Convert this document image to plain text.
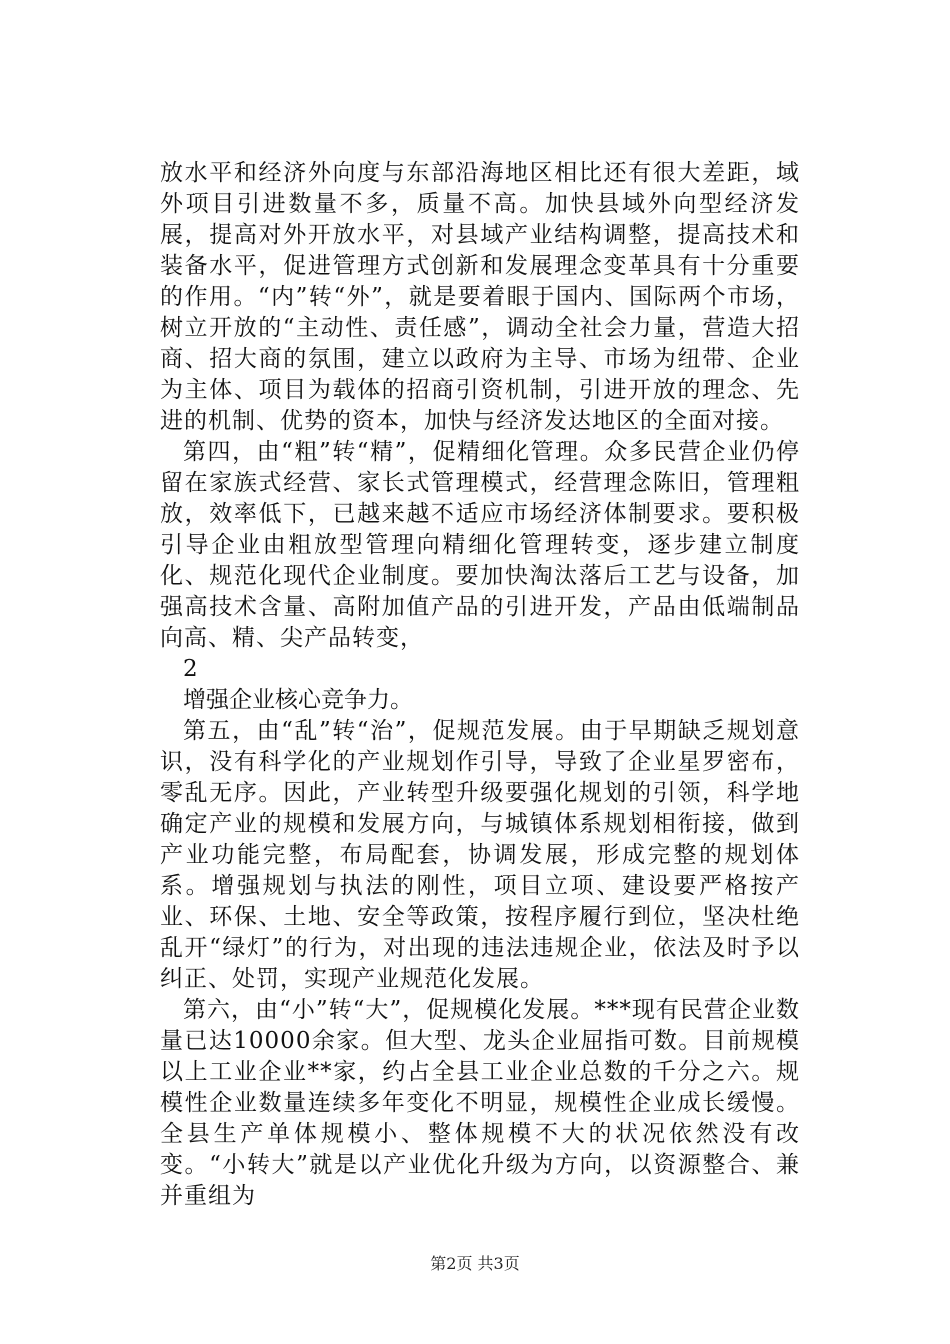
放水平和经济外向度与东部沿海地区相比还有很大差距，域外项目引进数量不多，质量不高。加快县域外向型经济发展，提高对外开放水平，对县域产业结构调整，提高技术和装备水平，促进管理方式创新和发展理念变革具有十分重要的作用。“内”转“外”，就是要着眼于国内、国际两个市场，树立开放的“主动性、责任感”，调动全社会力量，营造大招商、招大商的氛围，建立以政府为主导、市场为纽带、企业为主体、项目为载体的招商引资机制，引进开放的理念、先进的机制、优势的资本，加快与经济发达地区的全面对接。

第四，由“粗”转“精”，促精细化管理。众多民营企业仍停留在家族式经营、家长式管理模式，经营理念陈旧，管理粗放，效率低下，已越来越不适应市场经济体制要求。要积极引导企业由粗放型管理向精细化管理转变，逐步建立制度化、规范化现代企业制度。要加快淘汰落后工艺与设备，加强高技术含量、高附加值产品的引进开发，产品由低端制品向高、精、尖产品转变，

2

增强企业核心竞争力。

第五，由“乱”转“治”，促规范发展。由于早期缺乏规划意识，没有科学化的产业规划作引导，导致了企业星罗密布，零乱无序。因此，产业转型升级要强化规划的引领，科学地确定产业的规模和发展方向，与城镇体系规划相衔接，做到产业功能完整，布局配套，协调发展，形成完整的规划体系。增强规划与执法的刚性，项目立项、建设要严格按产业、环保、土地、安全等政策，按程序履行到位，坚决杜绝乱开“绿灯”的行为，对出现的违法违规企业，依法及时予以纠正、处罚，实现产业规范化发展。

第六，由“小”转“大”，促规模化发展。***现有民营企业数量已达10000余家。但大型、龙头企业屈指可数。目前规模以上工业企业**家，约占全县工业企业总数的千分之六。规模性企业数量连续多年变化不明显，规模性企业成长缓慢。全县生产单体规模小、整体规模不大的状况依然没有改变。“小转大”就是以产业优化升级为方向，以资源整合、兼并重组为

第2页 共3页
